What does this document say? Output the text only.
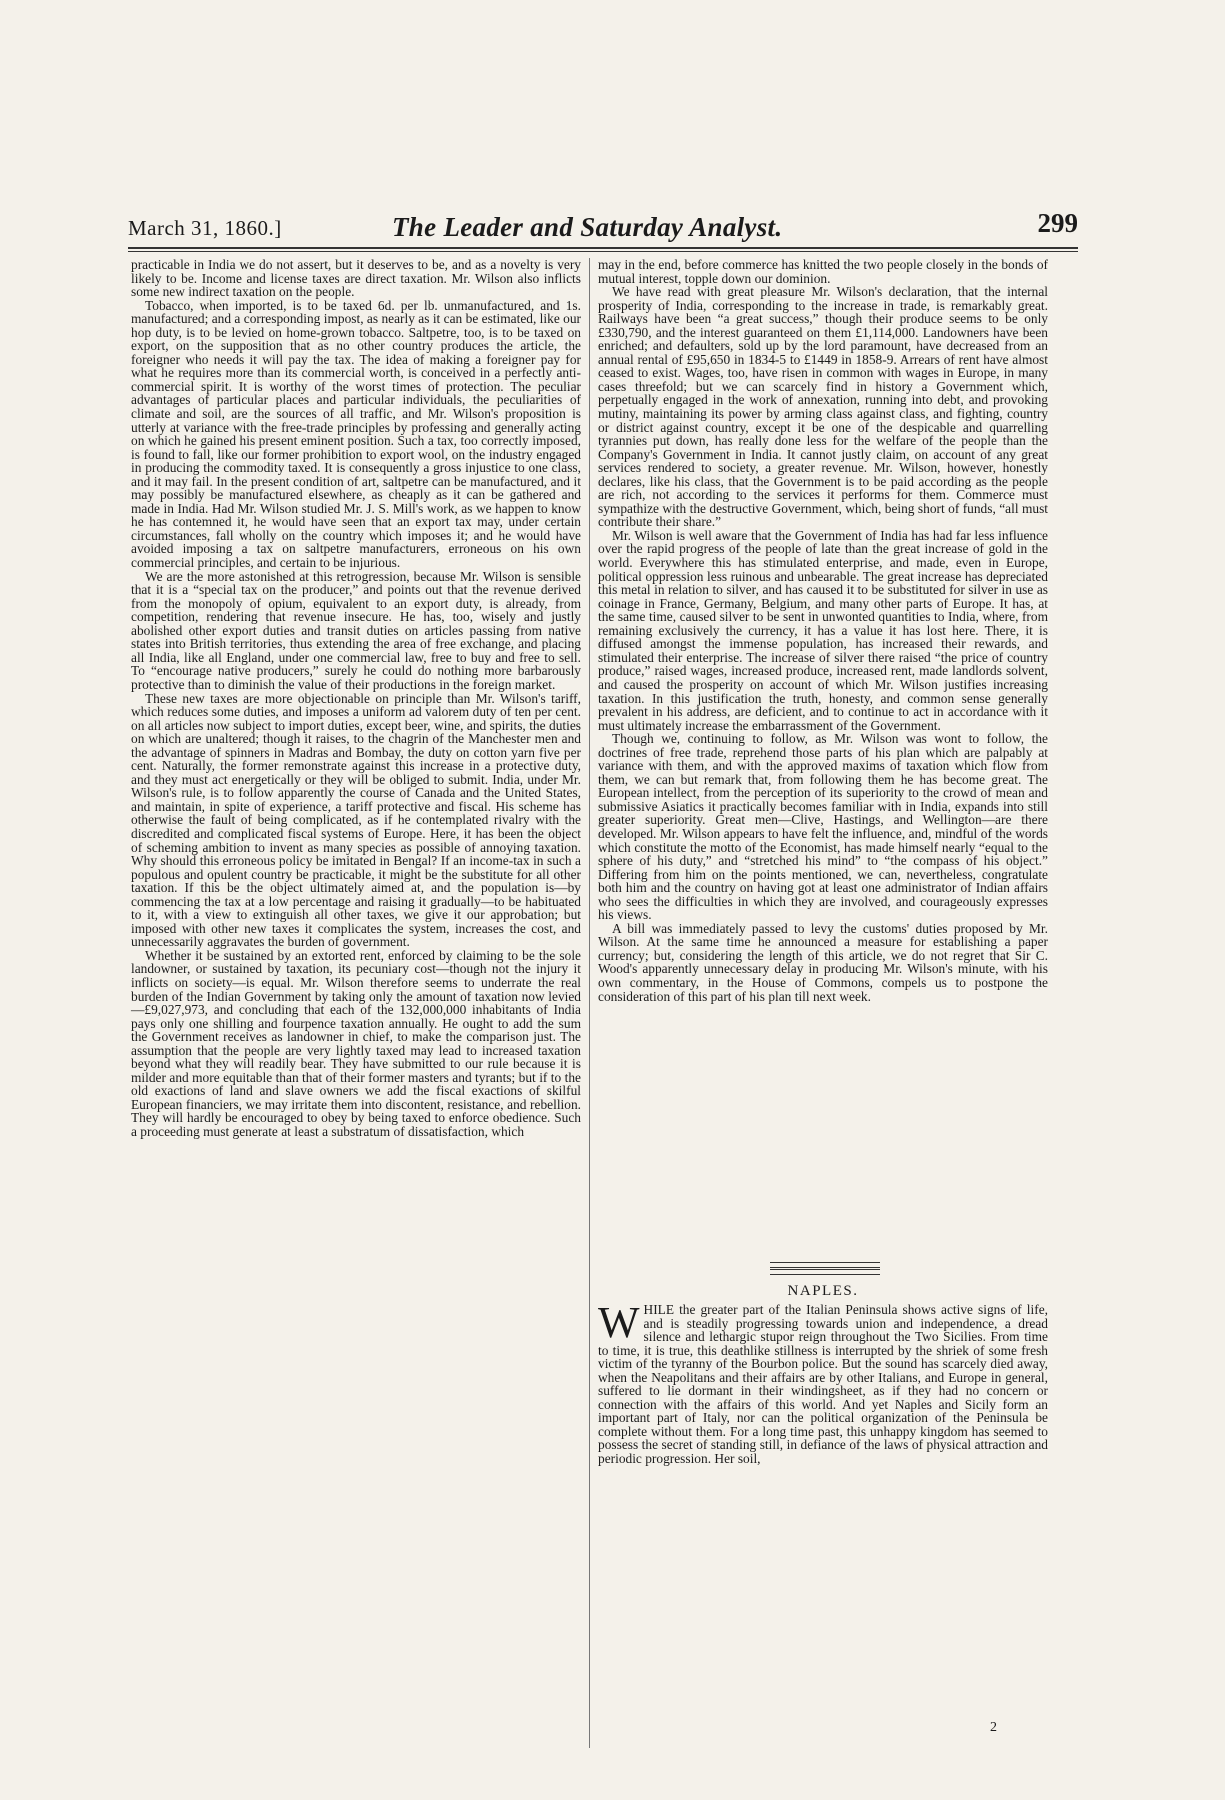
March 31, 1860.]	The Leader and Saturday Analyst.	299

practicable in India we do not assert, but it deserves to be, and as a novelty is very likely to be. Income and license taxes are direct taxation. Mr. Wilson also inflicts some new indirect taxation on the people.

Tobacco, when imported, is to be taxed 6d. per lb. unmanufactured, and 1s. manufactured; and a corresponding impost, as nearly as it can be estimated, like our hop duty, is to be levied on home-grown tobacco. Saltpetre, too, is to be taxed on export, on the supposition that as no other country produces the article, the foreigner who needs it will pay the tax. The idea of making a foreigner pay for what he requires more than its commercial worth, is conceived in a perfectly anti-commercial spirit. It is worthy of the worst times of protection. The peculiar advantages of particular places and particular individuals, the peculiarities of climate and soil, are the sources of all traffic, and Mr. Wilson's proposition is utterly at variance with the free-trade principles by professing and generally acting on which he gained his present eminent position. Such a tax, too correctly imposed, is found to fall, like our former prohibition to export wool, on the industry engaged in producing the commodity taxed. It is consequently a gross injustice to one class, and it may fail. In the present condition of art, saltpetre can be manufactured, and it may possibly be manufactured elsewhere, as cheaply as it can be gathered and made in India. Had Mr. Wilson studied Mr. J. S. Mill's work, as we happen to know he has contemned it, he would have seen that an export tax may, under certain circumstances, fall wholly on the country which imposes it; and he would have avoided imposing a tax on saltpetre manufacturers, erroneous on his own commercial principles, and certain to be injurious.

We are the more astonished at this retrogression, because Mr. Wilson is sensible that it is a “special tax on the producer,” and points out that the revenue derived from the monopoly of opium, equivalent to an export duty, is already, from competition, rendering that revenue insecure. He has, too, wisely and justly abolished other export duties and transit duties on articles passing from native states into British territories, thus extending the area of free exchange, and placing all India, like all England, under one commercial law, free to buy and free to sell. To “encourage native producers,” surely he could do nothing more barbarously protective than to diminish the value of their productions in the foreign market.

These new taxes are more objectionable on principle than Mr. Wilson's tariff, which reduces some duties, and imposes a uniform ad valorem duty of ten per cent. on all articles now subject to import duties, except beer, wine, and spirits, the duties on which are unaltered; though it raises, to the chagrin of the Manchester men and the advantage of spinners in Madras and Bombay, the duty on cotton yarn five per cent. Naturally, the former remonstrate against this increase in a protective duty, and they must act energetically or they will be obliged to submit. India, under Mr. Wilson's rule, is to follow apparently the course of Canada and the United States, and maintain, in spite of experience, a tariff protective and fiscal. His scheme has otherwise the fault of being complicated, as if he contemplated rivalry with the discredited and complicated fiscal systems of Europe. Here, it has been the object of scheming ambition to invent as many species as possible of annoying taxation. Why should this erroneous policy be imitated in Bengal? If an income-tax in such a populous and opulent country be practicable, it might be the substitute for all other taxation. If this be the object ultimately aimed at, and the population is—by commencing the tax at a low percentage and raising it gradually—to be habituated to it, with a view to extinguish all other taxes, we give it our approbation; but imposed with other new taxes it complicates the system, increases the cost, and unnecessarily aggravates the burden of government.

Whether it be sustained by an extorted rent, enforced by claiming to be the sole landowner, or sustained by taxation, its pecuniary cost—though not the injury it inflicts on society—is equal. Mr. Wilson therefore seems to underrate the real burden of the Indian Government by taking only the amount of taxation now levied—£9,027,973, and concluding that each of the 132,000,000 inhabitants of India pays only one shilling and fourpence taxation annually. He ought to add the sum the Government receives as landowner in chief, to make the comparison just. The assumption that the people are very lightly taxed may lead to increased taxation beyond what they will readily bear. They have submitted to our rule because it is milder and more equitable than that of their former masters and tyrants; but if to the old exactions of land and slave owners we add the fiscal exactions of skilful European financiers, we may irritate them into discontent, resistance, and rebellion. They will hardly be encouraged to obey by being taxed to enforce obedience. Such a proceeding must generate at least a substratum of dissatisfaction, which

may in the end, before commerce has knitted the two people closely in the bonds of mutual interest, topple down our dominion.

We have read with great pleasure Mr. Wilson's declaration, that the internal prosperity of India, corresponding to the increase in trade, is remarkably great. Railways have been “a great success,” though their produce seems to be only £330,790, and the interest guaranteed on them £1,114,000. Landowners have been enriched; and defaulters, sold up by the lord paramount, have decreased from an annual rental of £95,650 in 1834-5 to £1449 in 1858-9. Arrears of rent have almost ceased to exist. Wages, too, have risen in common with wages in Europe, in many cases threefold; but we can scarcely find in history a Government which, perpetually engaged in the work of annexation, running into debt, and provoking mutiny, maintaining its power by arming class against class, and fighting, country or district against country, except it be one of the despicable and quarrelling tyrannies put down, has really done less for the welfare of the people than the Company's Government in India. It cannot justly claim, on account of any great services rendered to society, a greater revenue. Mr. Wilson, however, honestly declares, like his class, that the Government is to be paid according as the people are rich, not according to the services it performs for them. Commerce must sympathize with the destructive Government, which, being short of funds, “all must contribute their share.”

Mr. Wilson is well aware that the Government of India has had far less influence over the rapid progress of the people of late than the great increase of gold in the world. Everywhere this has stimulated enterprise, and made, even in Europe, political oppression less ruinous and unbearable. The great increase has depreciated this metal in relation to silver, and has caused it to be substituted for silver in use as coinage in France, Germany, Belgium, and many other parts of Europe. It has, at the same time, caused silver to be sent in unwonted quantities to India, where, from remaining exclusively the currency, it has a value it has lost here. There, it is diffused amongst the immense population, has increased their rewards, and stimulated their enterprise. The increase of silver there raised “the price of country produce,” raised wages, increased produce, increased rent, made landlords solvent, and caused the prosperity on account of which Mr. Wilson justifies increasing taxation. In this justification the truth, honesty, and common sense generally prevalent in his address, are deficient, and to continue to act in accordance with it must ultimately increase the embarrassment of the Government.

Though we, continuing to follow, as Mr. Wilson was wont to follow, the doctrines of free trade, reprehend those parts of his plan which are palpably at variance with them, and with the approved maxims of taxation which flow from them, we can but remark that, from following them he has become great. The European intellect, from the perception of its superiority to the crowd of mean and submissive Asiatics it practically becomes familiar with in India, expands into still greater superiority. Great men—Clive, Hastings, and Wellington—are there developed. Mr. Wilson appears to have felt the influence, and, mindful of the words which constitute the motto of the Economist, has made himself nearly “equal to the sphere of his duty,” and “stretched his mind” to “the compass of his object.” Differing from him on the points mentioned, we can, nevertheless, congratulate both him and the country on having got at least one administrator of Indian affairs who sees the difficulties in which they are involved, and courageously expresses his views.

A bill was immediately passed to levy the customs' duties proposed by Mr. Wilson. At the same time he announced a measure for establishing a paper currency; but, considering the length of this article, we do not regret that Sir C. Wood's apparently unnecessary delay in producing Mr. Wilson's minute, with his own commentary, in the House of Commons, compels us to postpone the consideration of this part of his plan till next week.

NAPLES.
WHILE the greater part of the Italian Peninsula shows active signs of life, and is steadily progressing towards union and independence, a dread silence and lethargic stupor reign throughout the Two Sicilies. From time to time, it is true, this deathlike stillness is interrupted by the shriek of some fresh victim of the tyranny of the Bourbon police. But the sound has scarcely died away, when the Neapolitans and their affairs are by other Italians, and Europe in general, suffered to lie dormant in their windingsheet, as if they had no concern or connection with the affairs of this world. And yet Naples and Sicily form an important part of Italy, nor can the political organization of the Peninsula be complete without them. For a long time past, this unhappy kingdom has seemed to possess the secret of standing still, in defiance of the laws of physical attraction and periodic progression. Her soil,
2
